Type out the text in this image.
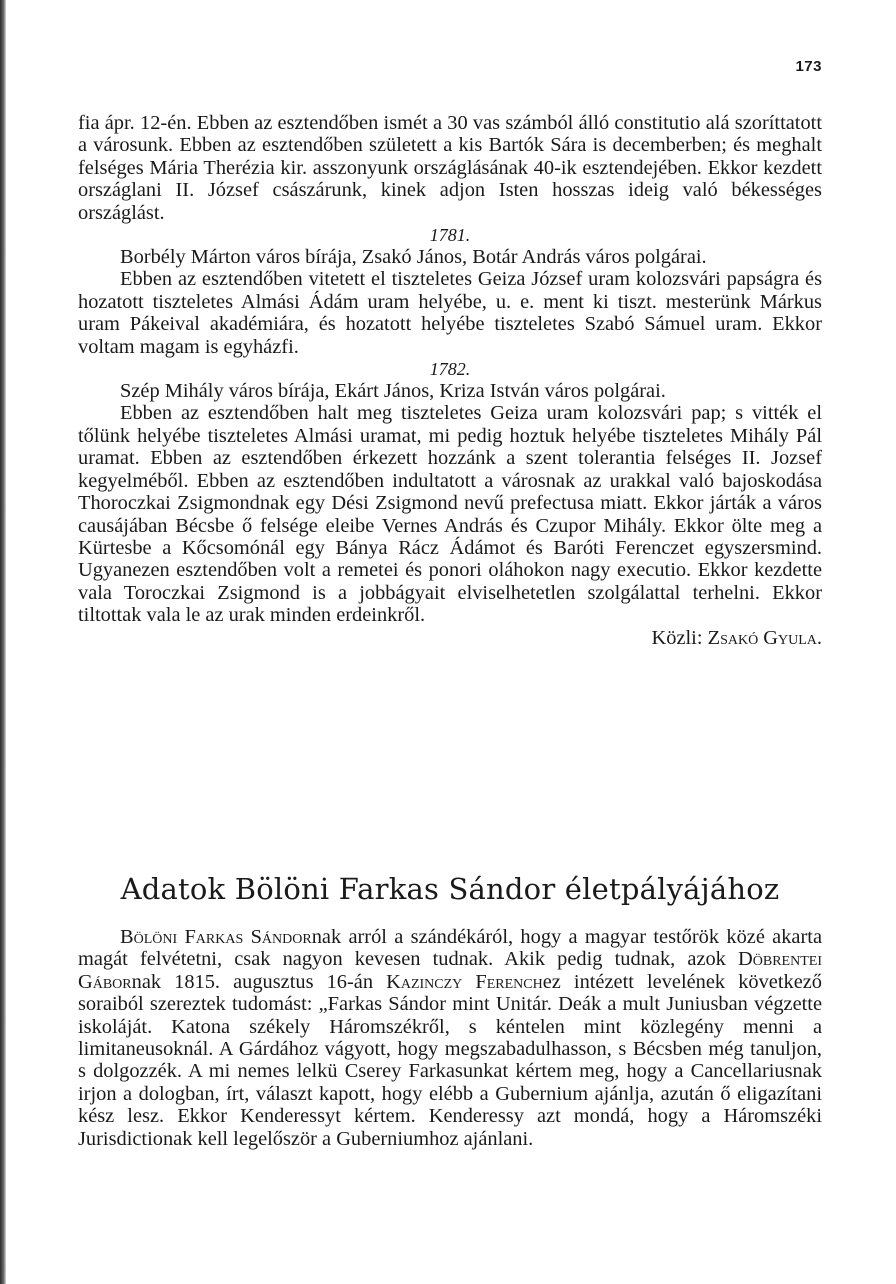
173

fia ápr. 12-én. Ebben az esztendőben ismét a 30 vas számból álló constitutio alá szoríttatott a városunk. Ebben az esztendőben született a kis Bartók Sára is decemberben; és meghalt felséges Mária Therézia kir. asszonyunk országlásának 40-ik esztendejében. Ekkor kezdett országlani II. József császárunk, kinek adjon Isten hosszas ideig való békességes országlást.

1781.

Borbély Márton város bírája, Zsakó János, Botár András város polgárai.

Ebben az esztendőben vitetett el tiszteletes Geiza József uram kolozsvári papságra és hozatott tiszteletes Almási Ádám uram helyébe, u. e. ment ki tiszt. mesterünk Márkus uram Pákeival akadémiára, és hozatott helyébe tiszteletes Szabó Sámuel uram. Ekkor voltam magam is egyházfi.

1782.

Szép Mihály város bírája, Ekárt János, Kriza István város polgárai.

Ebben az esztendőben halt meg tiszteletes Geiza uram kolozsvári pap; s vitték el tőlünk helyébe tiszteletes Almási uramat, mi pedig hoztuk helyébe tiszteletes Mihály Pál uramat. Ebben az esztendőben érkezett hozzánk a szent tolerantia felséges II. Jozsef kegyelméből. Ebben az esztendőben indultatott a városnak az urakkal való bajoskodása Thoroczkai Zsigmondnak egy Dési Zsigmond nevű prefectusa miatt. Ekkor járták a város causájában Bécsbe ő felsége eleibe Vernes András és Czupor Mihály. Ekkor ölte meg a Kürtesbe a Kőcsomónál egy Bánya Rácz Ádámot és Baróti Ferenczet egyszersmind. Ugyanezen esztendőben volt a remetei és ponori oláhokon nagy executio. Ekkor kezdette vala Toroczkai Zsigmond is a jobbágyait elviselhetetlen szolgálattal terhelni. Ekkor tiltottak vala le az urak minden erdeinkről.

Közli: Zsakó Gyula.

Adatok Bölöni Farkas Sándor életpályájához

Bölöni Farkas Sándornak arról a szándékáról, hogy a magyar testőrök közé akarta magát felvétetni, csak nagyon kevesen tudnak. Akik pedig tudnak, azok Döbrentei Gábornak 1815. augusztus 16-án Kazinczy Ferenchez intézett levelének következő soraiból szereztek tudomást: „Farkas Sándor mint Unitár. Deák a mult Juniusban végzette iskoláját. Katona székely Háromszékről, s kéntelen mint közlegény menni a limitaneusoknál. A Gárdához vágyott, hogy megszabadulhasson, s Bécsben még tanuljon, s dolgozzék. A mi nemes lelkü Cserey Farkasunkat kértem meg, hogy a Cancellariusnak irjon a dologban, írt, választ kapott, hogy elébb a Gubernium ajánlja, azután ő eligazítani kész lesz. Ekkor Kenderessyt kértem. Kenderessy azt mondá, hogy a Háromszéki Jurisdictionak kell legelőször a Guberniumhoz ajánlani.
